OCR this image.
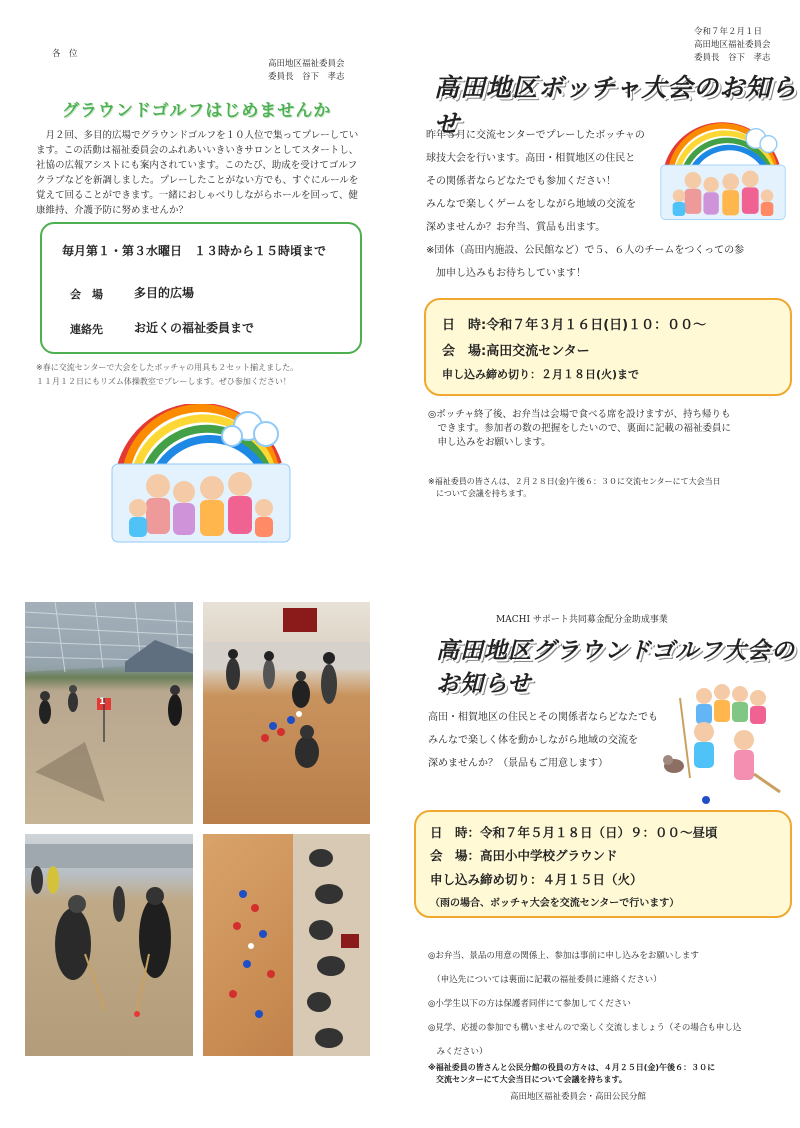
各　位
高田地区福祉委員会
委員長　谷下　孝志
グラウンドゴルフはじめませんか
　月２回、多目的広場でグラウンドゴルフを１０人位で集ってプレーしています。この活動は福祉委員会のふれあいいきいきサロンとしてスタートし、社協の広報アシストにも案内されています。このたび、助成を受けてゴルフクラブなどを新調しました。プレーしたことがない方でも、すぐにルールを覚えて回ることができます。一緒におしゃべりしながらホールを回って、健康維持、介護予防に努めませんか？
毎月第１・第３水曜日　１３時から１５時頃まで
会　場	多目的広場
連絡先	お近くの福祉委員まで
※春に交流センターで大会をしたボッチャの用具も２セット揃えました。
１１月１２日にもリズム体操教室でプレーします。ぜひ参加ください！
令和７年２月１日
高田地区福祉委員会
委員長　谷下　孝志
高田地区ボッチャ大会のお知らせ
昨年５月に交流センターでプレーしたボッチャの
球技大会を行います。高田・相賀地区の住民と
その関係者ならどなたでも参加ください！
みんなで楽しくゲームをしながら地域の交流を
深めませんか？お弁当、賞品も出ます。
※団体（高田内施設、公民館など）で５、６人のチームをつくっての参
　加申し込みもお待ちしています！
日　時:令和７年３月１６日(日)１０：００〜
会　場:高田交流センター
申し込み締め切り：２月１８日(火)まで
◎ボッチャ終了後、お弁当は会場で食べる席を設けますが、持ち帰りも
　できます。参加者の数の把握をしたいので、裏面に記載の福祉委員に
　申し込みをお願いします。
※福祉委員の皆さんは、２月２８日(金)午後６：３０に交流センターにて大会当日
　について会議を持ちます。
1
MACHI サポート共同募金配分金助成事業
高田地区グラウンドゴルフ大会のお知らせ
高田・相賀地区の住民とその関係者ならどなたでも
みんなで楽しく体を動かしながら地域の交流を
深めませんか？（景品もご用意します）
日　時：令和７年５月１８日（日）９：００〜昼頃
会　場：高田小中学校グラウンド
申し込み締め切り：４月１５日（火）
（雨の場合、ボッチャ大会を交流センターで行います）
◎お弁当、景品の用意の関係上、参加は事前に申し込みをお願いします
　（申込先については裏面に記載の福祉委員に連絡ください）
◎小学生以下の方は保護者同伴にて参加してください
◎見学、応援の参加でも構いませんので楽しく交流しましょう（その場合も申し込
　みください）
※福祉委員の皆さんと公民分館の役員の方々は、４月２５日(金)午後６：３０に
　交流センターにて大会当日について会議を持ちます。
高田地区福祉委員会・高田公民分館
